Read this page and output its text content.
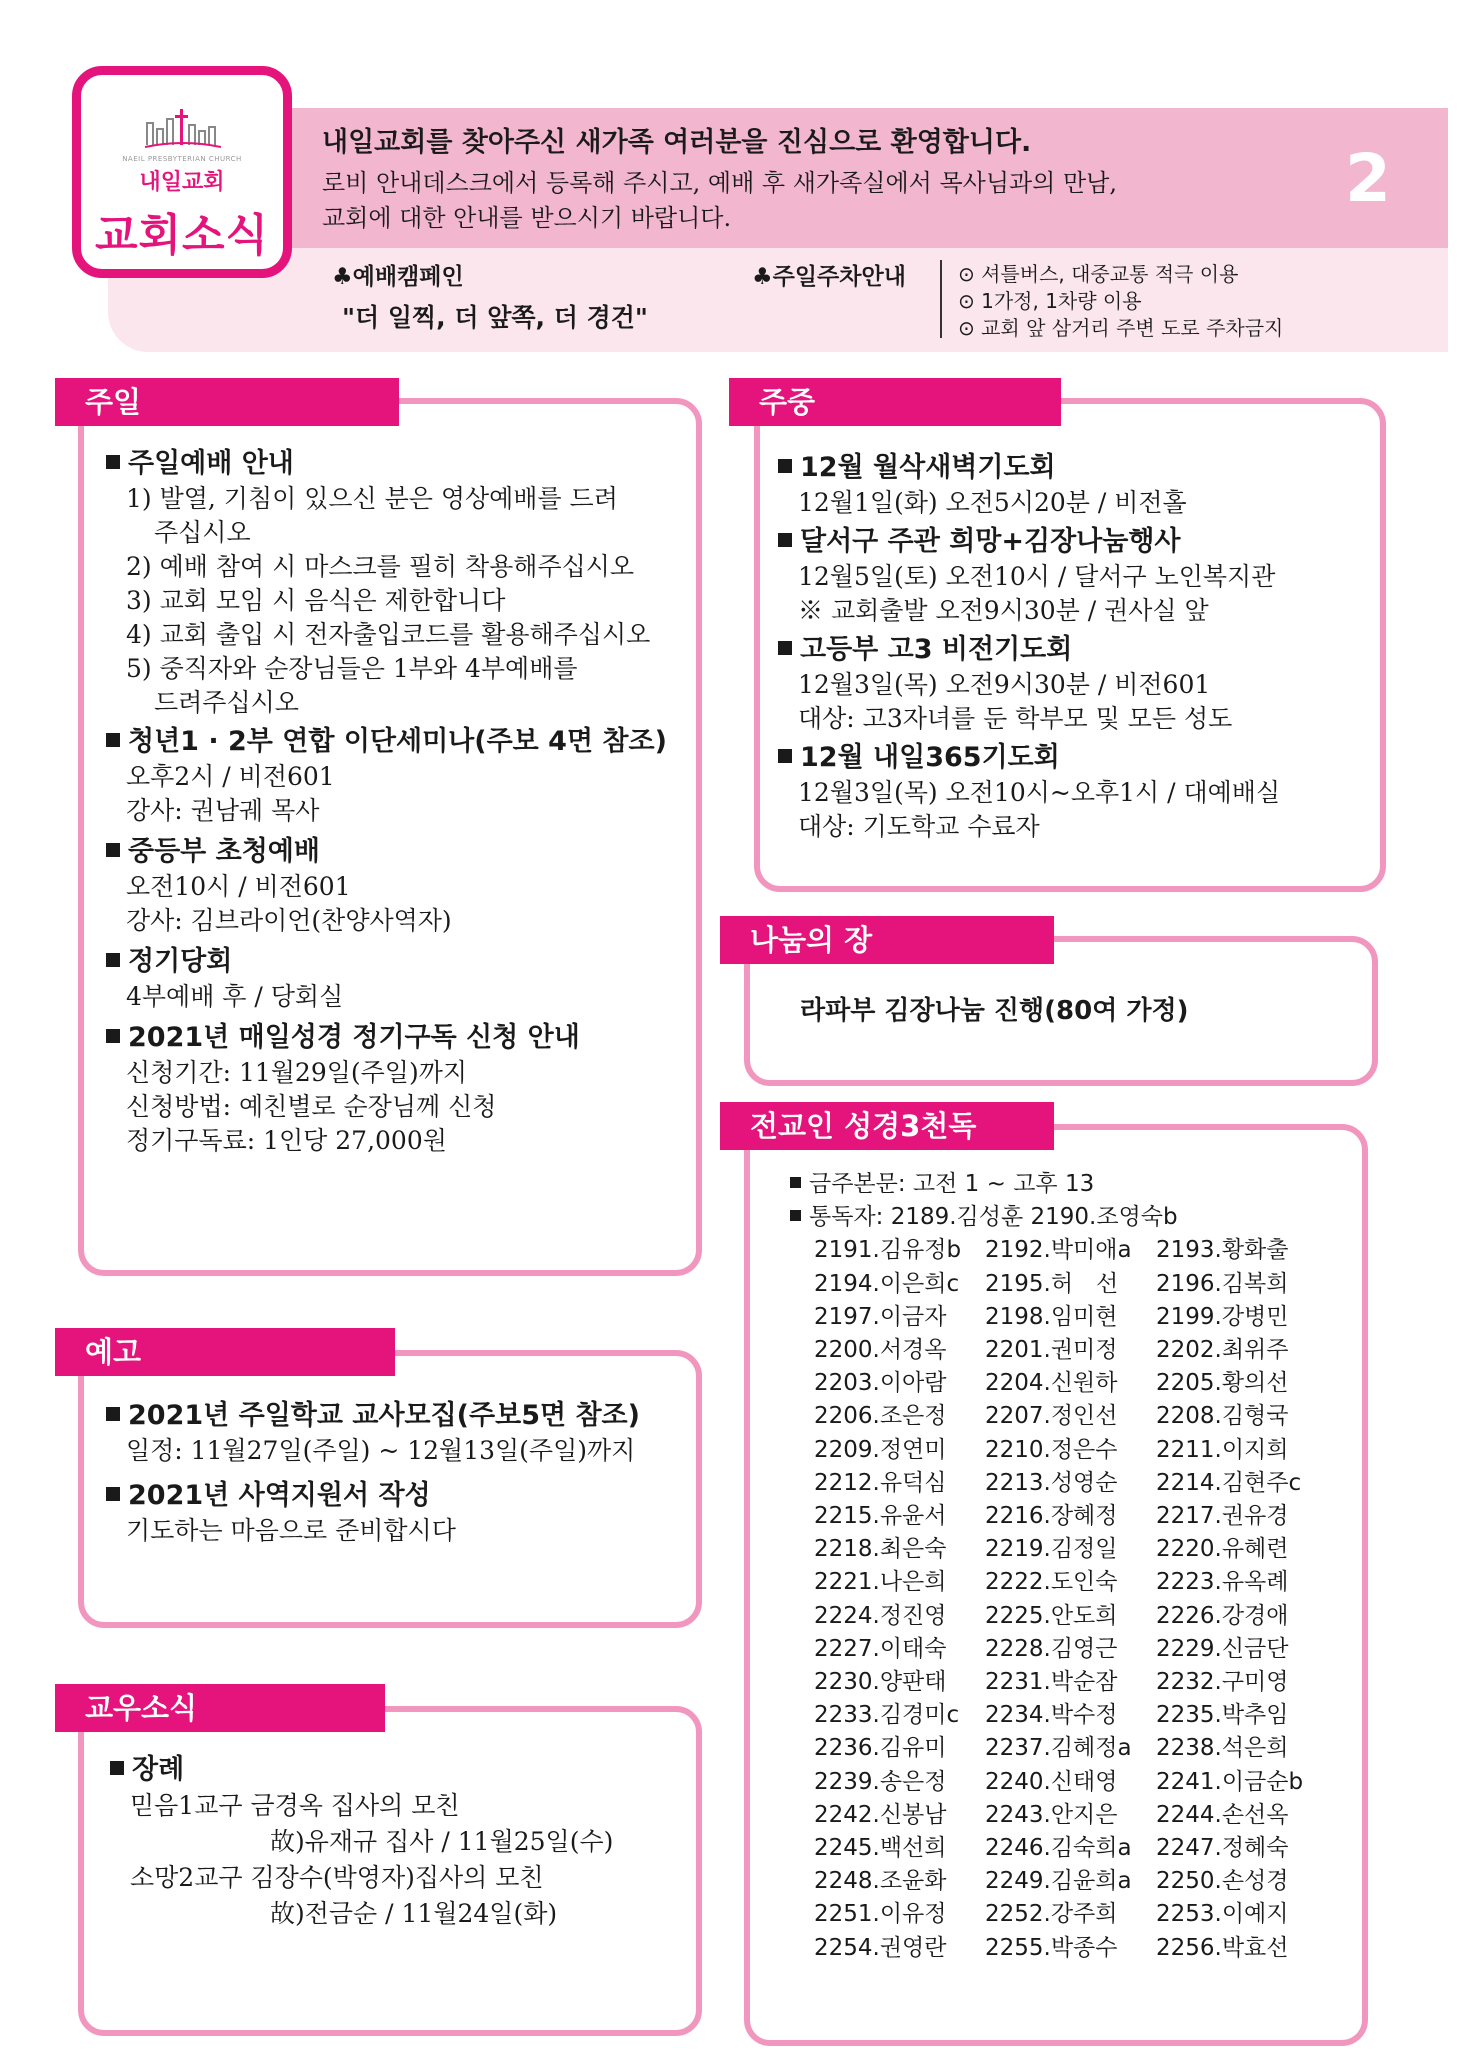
NAEIL PRESBYTERIAN CHURCH
내일교회
교회소식
내일교회를 찾아주신 새가족 여러분을 진심으로 환영합니다.
로비 안내데스크에서 등록해 주시고, 예배 후 새가족실에서 목사님과의 만남,
교회에 대한 안내를 받으시기 바랍니다.
2
♣예배캠페인
"더 일찍, 더 앞쪽, 더 경건"
♣주일주차안내	⊙ 셔틀버스, 대중교통 적극 이용
⊙ 1가정, 1차량 이용
⊙ 교회 앞 삼거리 주변 도로 주차금지
주일
주일예배 안내
1) 발열, 기침이 있으신 분은 영상예배를 드려
주십시오
2) 예배 참여 시 마스크를 필히 착용해주십시오
3) 교회 모임 시 음식은 제한합니다
4) 교회 출입 시 전자출입코드를 활용해주십시오
5) 중직자와 순장님들은 1부와 4부예배를
드려주십시오
청년1 · 2부 연합 이단세미나(주보 4면 참조)
오후2시 / 비전601
강사: 권남궤 목사
중등부 초청예배
오전10시 / 비전601
강사: 김브라이언(찬양사역자)
정기당회
4부예배 후 / 당회실
2021년 매일성경 정기구독 신청 안내
신청기간: 11월29일(주일)까지
신청방법: 예친별로 순장님께 신청
정기구독료: 1인당 27,000원
예고
2021년 주일학교 교사모집(주보5면 참조)
일정: 11월27일(주일) ~ 12월13일(주일)까지
2021년 사역지원서 작성
기도하는 마음으로 준비합시다
교우소식
장례
믿음1교구 금경옥 집사의 모친
故)유재규 집사 / 11월25일(수)
소망2교구 김장수(박영자)집사의 모친
故)전금순 / 11월24일(화)
주중
12월 월삭새벽기도회
12월1일(화) 오전5시20분 / 비전홀
달서구 주관 희망+김장나눔행사
12월5일(토) 오전10시 / 달서구 노인복지관
※ 교회출발 오전9시30분 / 권사실 앞
고등부 고3 비전기도회
12월3일(목) 오전9시30분 / 비전601
대상: 고3자녀를 둔 학부모 및 모든 성도
12월 내일365기도회
12월3일(목) 오전10시~오후1시 / 대예배실
대상: 기도학교 수료자
나눔의 장
라파부 김장나눔 진행(80여 가정)
전교인 성경3천독
금주본문: 고전 1 ~ 고후 13
통독자: 2189.김성훈 2190.조영숙b
2191.김유정b	2192.박미애a	2193.황화출
2194.이은희c	2195.허　선	2196.김복희
2197.이금자	2198.임미현	2199.강병민
2200.서경옥	2201.권미정	2202.최위주
2203.이아람	2204.신원하	2205.황의선
2206.조은정	2207.정인선	2208.김형국
2209.정연미	2210.정은수	2211.이지희
2212.유덕심	2213.성영순	2214.김현주c
2215.유윤서	2216.장혜정	2217.권유경
2218.최은숙	2219.김정일	2220.유혜련
2221.나은희	2222.도인숙	2223.유옥례
2224.정진영	2225.안도희	2226.강경애
2227.이태숙	2228.김영근	2229.신금단
2230.양판태	2231.박순잠	2232.구미영
2233.김경미c	2234.박수정	2235.박추임
2236.김유미	2237.김혜정a	2238.석은희
2239.송은정	2240.신태영	2241.이금순b
2242.신봉남	2243.안지은	2244.손선옥
2245.백선희	2246.김숙희a	2247.정혜숙
2248.조윤화	2249.김윤희a	2250.손성경
2251.이유정	2252.강주희	2253.이예지
2254.권영란	2255.박종수	2256.박효선
